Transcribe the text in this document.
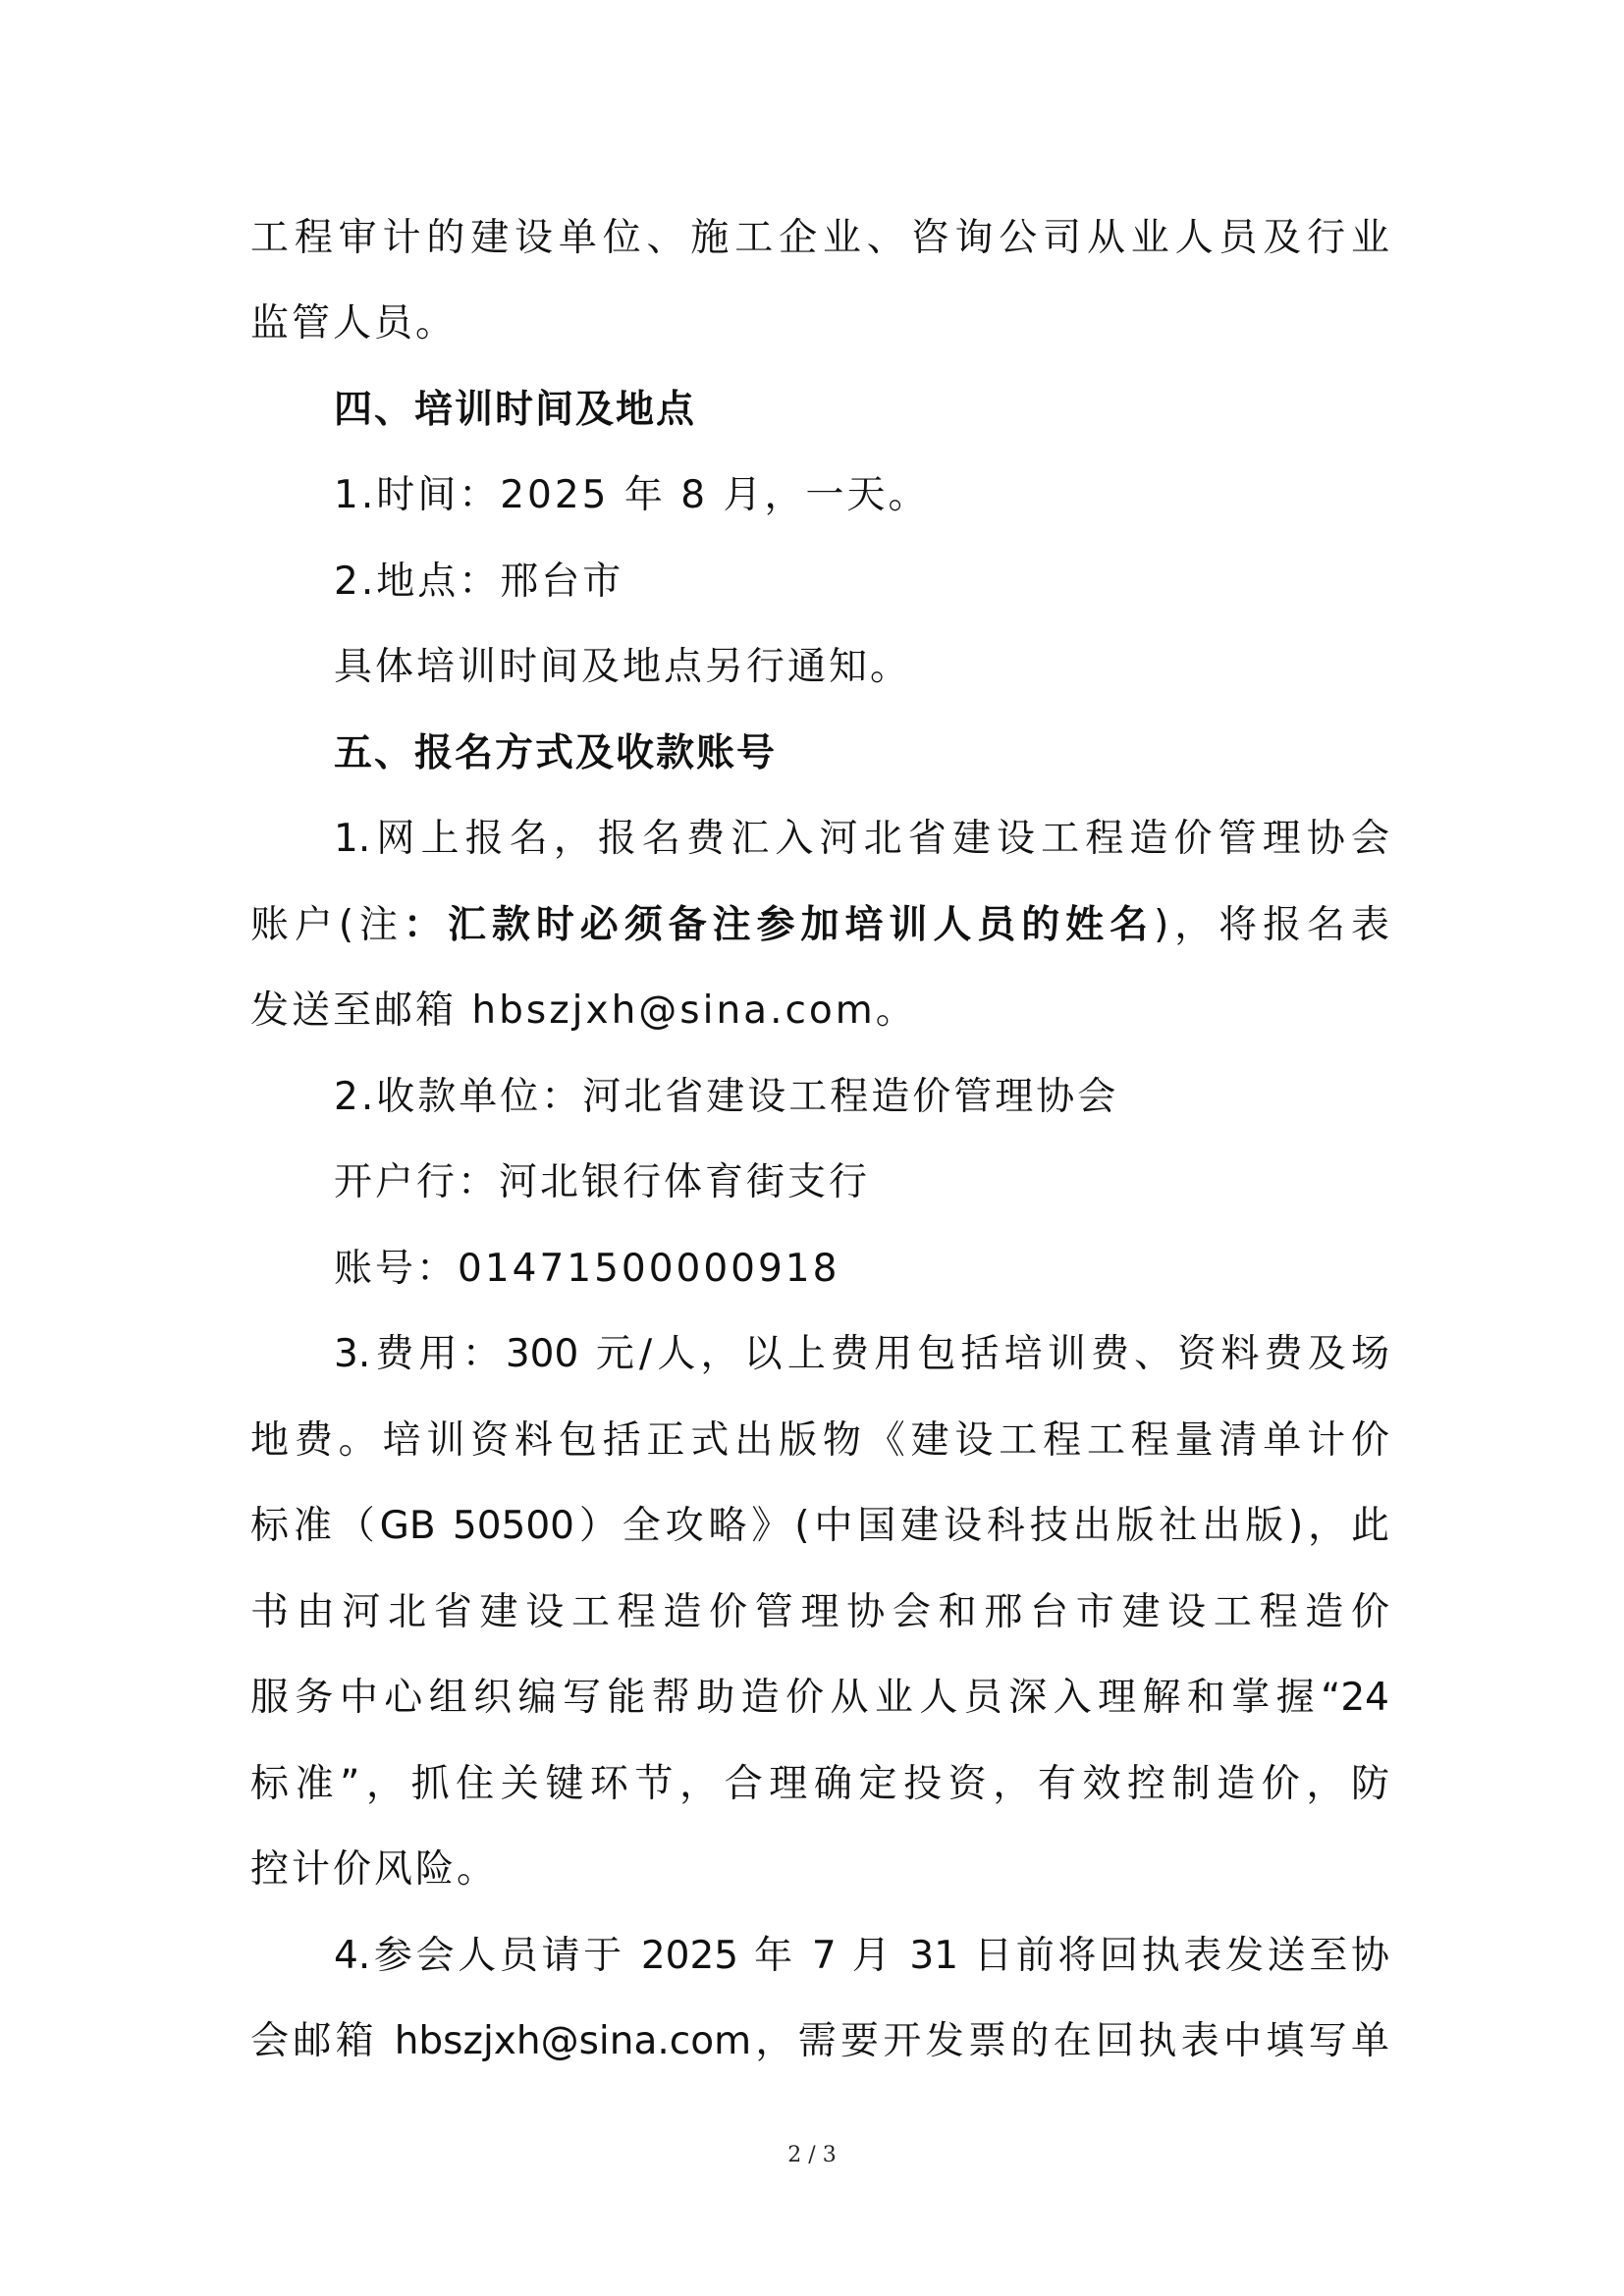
工程审计的建设单位、施工企业、咨询公司从业人员及行业
监管人员。
四、培训时间及地点
1.时间：2025 年 8 月，一天。
2.地点：邢台市
具体培训时间及地点另行通知。
五、报名方式及收款账号
1.网上报名，报名费汇入河北省建设工程造价管理协会
账户(注：汇款时必须备注参加培训人员的姓名)，将报名表
发送至邮箱 hbszjxh@sina.com。
2.收款单位：河北省建设工程造价管理协会
开户行：河北银行体育街支行
账号：01471500000918
3.费用：300 元/人，以上费用包括培训费、资料费及场
地费。培训资料包括正式出版物《建设工程工程量清单计价
标准（GB 50500）全攻略》(中国建设科技出版社出版)，此
书由河北省建设工程造价管理协会和邢台市建设工程造价
服务中心组织编写能帮助造价从业人员深入理解和掌握“24
标准”，抓住关键环节，合理确定投资，有效控制造价，防
控计价风险。
4.参会人员请于 2025 年 7 月 31 日前将回执表发送至协
会邮箱 hbszjxh@sina.com，需要开发票的在回执表中填写单
2 / 3
